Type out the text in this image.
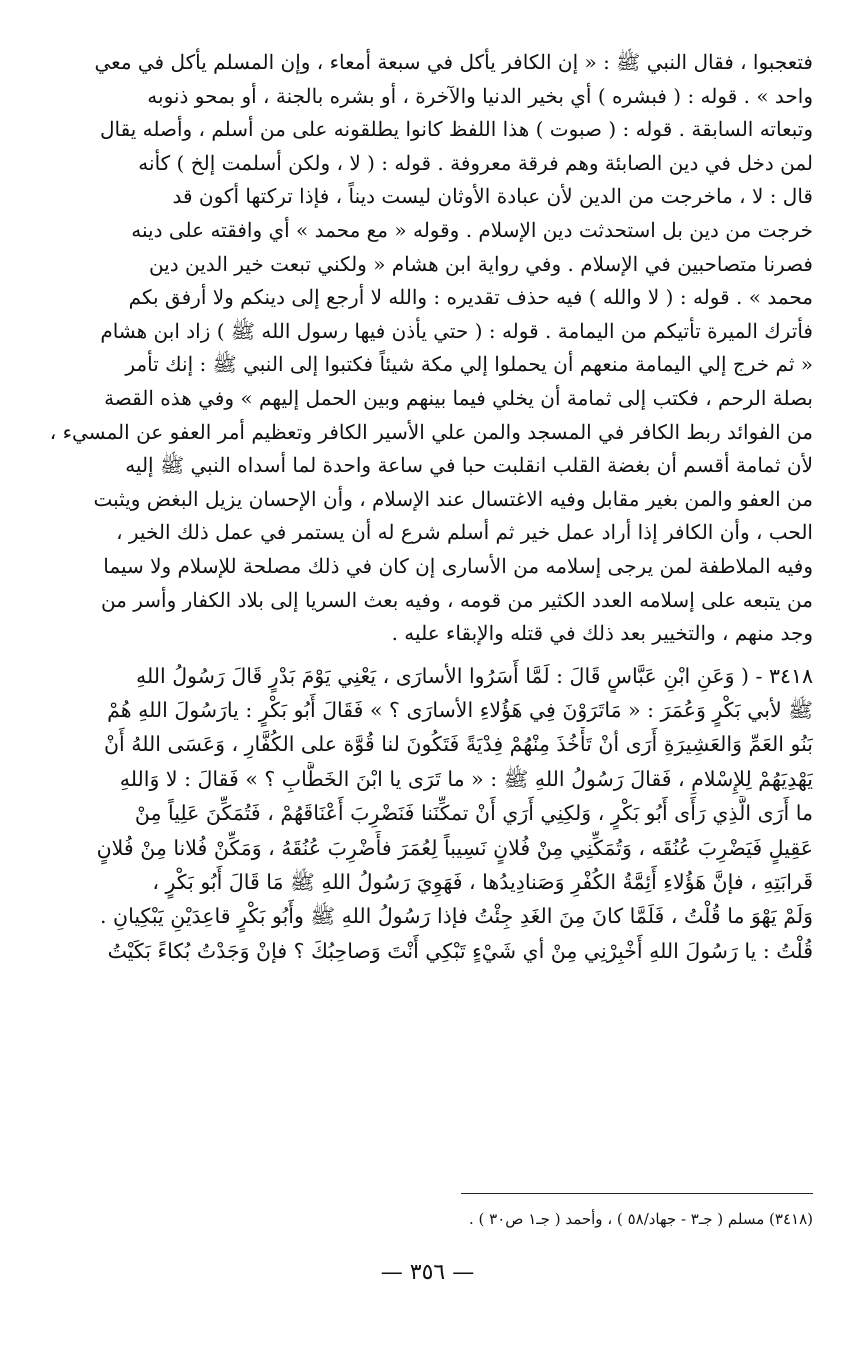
فتعجبوا ، فقال النبي ﷺ : « إن الكافر يأكل في سبعة أمعاء ، وإن المسلم يأكل في معي
واحد » . قوله : ( فبشره ) أي بخير الدنيا والآخرة ، أو بشره بالجنة ، أو بمحو ذنوبه
وتبعاته السابقة . قوله : ( صبوت ) هذا اللفظ كانوا يطلقونه على من أسلم ، وأصله يقال
لمن دخل في دين الصابئة وهم فرقة معروفة . قوله : ( لا ، ولكن أسلمت إلخ ) كأنه
قال : لا ، ماخرجت من الدين لأن عبادة الأوثان ليست ديناً ، فإذا تركتها أكون قد
خرجت من دين بل استحدثت دين الإسلام . وقوله « مع محمد » أي وافقته على دينه
فصرنا متصاحبين في الإسلام . وفي رواية ابن هشام « ولكني تبعت خير الدين دين
محمد » . قوله : ( لا والله ) فيه حذف تقديره : والله لا أرجع إلى دينكم ولا أرفق بكم
فأترك الميرة تأتيكم من اليمامة . قوله : ( حتي يأذن فيها رسول الله ﷺ ) زاد ابن هشام
« ثم خرج إلي اليمامة منعهم أن يحملوا إلي مكة شيئاً فكتبوا إلى النبي ﷺ : إنك تأمر
بصلة الرحم ، فكتب إلى ثمامة أن يخلي فيما بينهم وبين الحمل إليهم » وفي هذه القصة
من الفوائد ربط الكافر في المسجد والمن علي الأسير الكافر وتعظيم أمر العفو عن المسيء ،
لأن ثمامة أقسم أن بغضة القلب انقلبت حبا في ساعة واحدة لما أسداه النبي ﷺ إليه
من العفو والمن بغير مقابل وفيه الاغتسال عند الإسلام ، وأن الإحسان يزيل البغض ويثبت
الحب ، وأن الكافر إذا أراد عمل خير ثم أسلم شرع له أن يستمر في عمل ذلك الخير ،
وفيه الملاطفة لمن يرجى إسلامه من الأسارى إن كان في ذلك مصلحة للإسلام ولا سيما
من يتبعه على إسلامه العدد الكثير من قومه ، وفيه بعث السريا إلى بلاد الكفار وأسر من
وجد منهم ، والتخيير بعد ذلك في قتله والإبقاء عليه .
٣٤١٨ - ( وَعَنِ ابْنِ عَبَّاسٍ قَالَ : لَمَّا أَسَرُوا الأسارَى ، يَعْنِي يَوْمَ بَدْرٍ قَالَ رَسُولُ اللهِ
ﷺ لأبي بَكْرٍ وَعُمَرَ : « مَاتَرَوْنَ فِي هَؤُلاءِ الأسارَى ؟ » فَقَالَ أَبُو بَكْرٍ : يارَسُولَ اللهِ هُمْ
بَنُو العَمِّ وَالعَشِيرَةِ أَرَى أنْ تَأْخُذَ مِنْهُمْ فِدْيَةً فَتَكُونَ لنا قُوَّة على الكُفَّارِ ، وَعَسَى اللهُ أَنْ
يَهْدِيَهُمْ لِلإِسْلامِ ، فَقالَ رَسُولُ اللهِ ﷺ : « ما تَرَى يا ابْنَ الخَطَّابِ ؟ » فَقالَ : لا وَاللهِ
ما أَرَى الَّذِي رَأَى أَبُو بَكْرٍ ، وَلكِنِي أَرَي أَنْ تمكِّنَنا فَنَضْرِبَ أَعْنَاقَهُمْ ، فَتُمَكِّنَ عَلِياً مِنْ
عَقِيلٍ فَيَضْرِبَ عُنُقَه ، وَتُمَكِّنِي مِنْ فُلانٍ نَسِيباً لِعُمَرَ فأَضْرِبَ عُنُقَهُ ، وَمَكِّنْ فُلانا مِنْ فُلانٍ
قَرابَتِهِ ، فإنَّ هَؤُلاءِ أَئِمَّةُ الكُفْرِ وَصَنادِيدُها ، فَهَوِيَ رَسُولُ اللهِ ﷺ مَا قَالَ أَبُو بَكْرٍ ،
وَلَمْ يَهْوَ ما قُلْتُ ، فَلَمَّا كانَ مِنَ الغَدِ جِئْتُ فإذا رَسُولُ اللهِ ﷺ وأَبُو بَكْرٍ قاعِدَيْنِ يَبْكِيانِ .
قُلْتُ : يا رَسُولَ اللهِ أَخْبِرْنِي مِنْ أي شَيْءٍ تَبْكِي أَنْتَ وَصاحِبُكَ ؟ فإنْ وَجَدْتُ بُكاءً بَكَيْتُ
(٣٤١٨) مسلم ( جـ٣ - جهاد/٥٨ ) ، وأحمد ( جـ١ ص٣٠ ) .
— ٣٥٦ —
